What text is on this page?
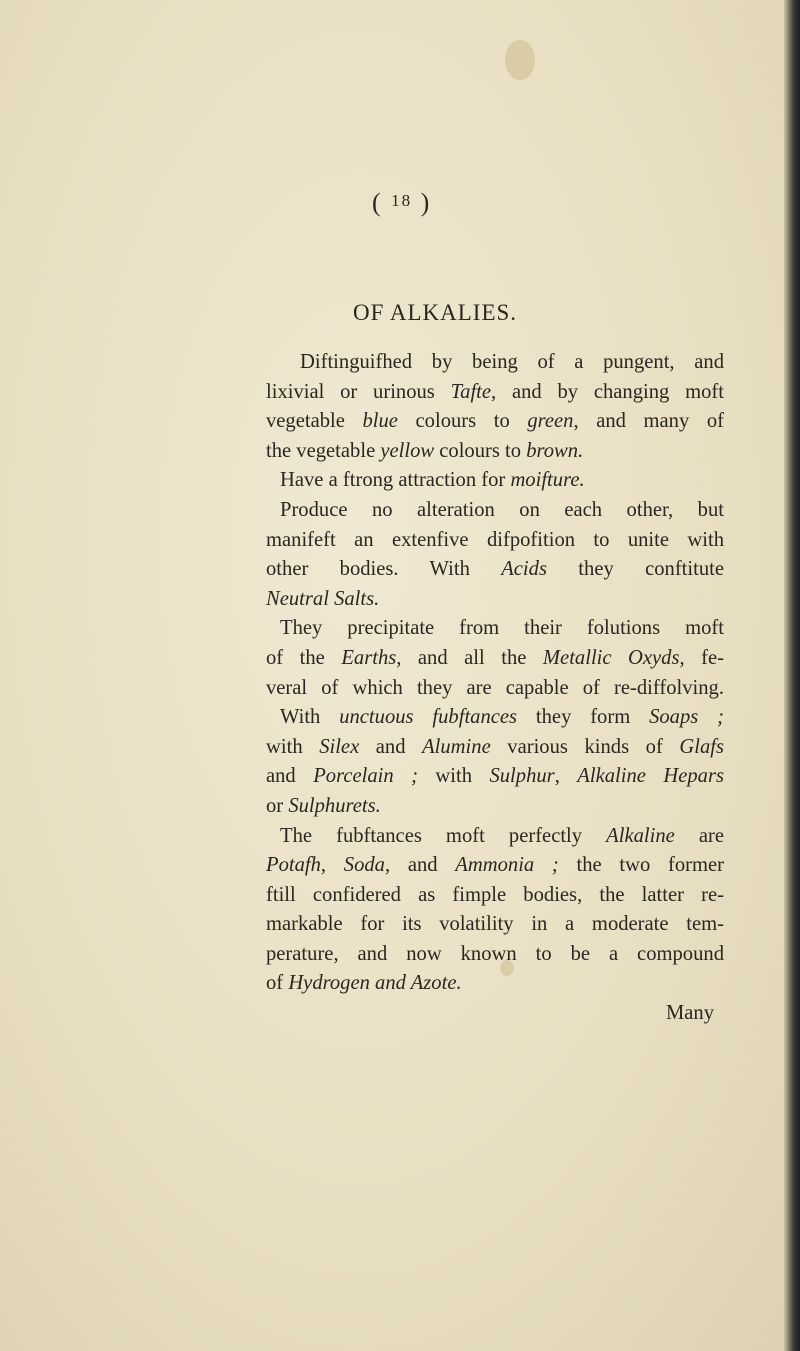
( 18 )
OF ALKALIES.
Diftinguifhed by being of a pungent, and
lixivial or urinous Tafte, and by changing moft
vegetable blue colours to green, and many of
the vegetable yellow colours to brown.
Have a ftrong attraction for moifture.
Produce no alteration on each other, but
manifeft an extenfive difpofition to unite with
other bodies. With Acids they conftitute
Neutral Salts.
They precipitate from their folutions moft
of the Earths, and all the Metallic Oxyds, fe-
veral of which they are capable of re-diffolving.
With unctuous fubftances they form Soaps ;
with Silex and Alumine various kinds of Glafs
and Porcelain ; with Sulphur, Alkaline Hepars
or Sulphurets.
The fubftances moft perfectly Alkaline are
Potafh, Soda, and Ammonia ; the two former
ftill confidered as fimple bodies, the latter re-
markable for its volatility in a moderate tem-
perature, and now known to be a compound
of Hydrogen and Azote.
Many
